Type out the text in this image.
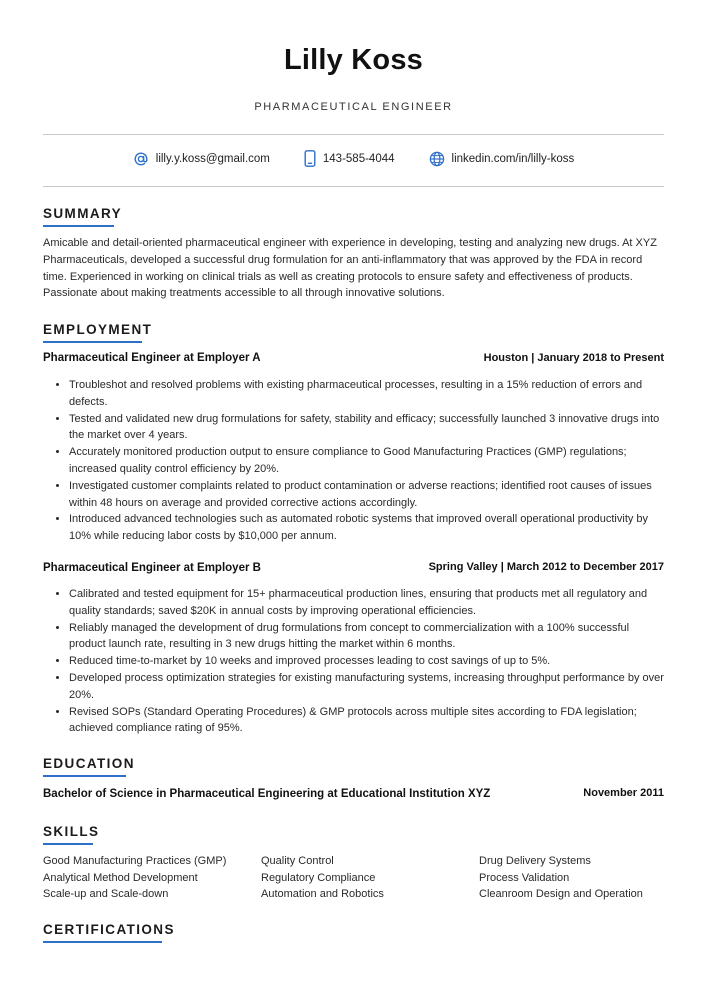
Lilly Koss
PHARMACEUTICAL ENGINEER
lilly.y.koss@gmail.com	143-585-4044	linkedin.com/in/lilly-koss
SUMMARY
Amicable and detail-oriented pharmaceutical engineer with experience in developing, testing and analyzing new drugs. At XYZ Pharmaceuticals, developed a successful drug formulation for an anti-inflammatory that was approved by the FDA in record time. Experienced in working on clinical trials as well as creating protocols to ensure safety and effectiveness of products. Passionate about making treatments accessible to all through innovative solutions.
EMPLOYMENT
Pharmaceutical Engineer at Employer A	Houston | January 2018 to Present
• Troubleshot and resolved problems with existing pharmaceutical processes, resulting in a 15% reduction of errors and defects.
• Tested and validated new drug formulations for safety, stability and efficacy; successfully launched 3 innovative drugs into the market over 4 years.
• Accurately monitored production output to ensure compliance to Good Manufacturing Practices (GMP) regulations; increased quality control efficiency by 20%.
• Investigated customer complaints related to product contamination or adverse reactions; identified root causes of issues within 48 hours on average and provided corrective actions accordingly.
• Introduced advanced technologies such as automated robotic systems that improved overall operational productivity by 10% while reducing labor costs by $10,000 per annum.
Pharmaceutical Engineer at Employer B	Spring Valley | March 2012 to December 2017
• Calibrated and tested equipment for 15+ pharmaceutical production lines, ensuring that products met all regulatory and quality standards; saved $20K in annual costs by improving operational efficiencies.
• Reliably managed the development of drug formulations from concept to commercialization with a 100% successful product launch rate, resulting in 3 new drugs hitting the market within 6 months.
• Reduced time-to-market by 10 weeks and improved processes leading to cost savings of up to 5%.
• Developed process optimization strategies for existing manufacturing systems, increasing throughput performance by over 20%.
• Revised SOPs (Standard Operating Procedures) & GMP protocols across multiple sites according to FDA legislation; achieved compliance rating of 95%.
EDUCATION
Bachelor of Science in Pharmaceutical Engineering at Educational Institution XYZ	November 2011
SKILLS
Good Manufacturing Practices (GMP)	Quality Control	Drug Delivery Systems
Analytical Method Development	Regulatory Compliance	Process Validation
Scale-up and Scale-down	Automation and Robotics	Cleanroom Design and Operation
CERTIFICATIONS
